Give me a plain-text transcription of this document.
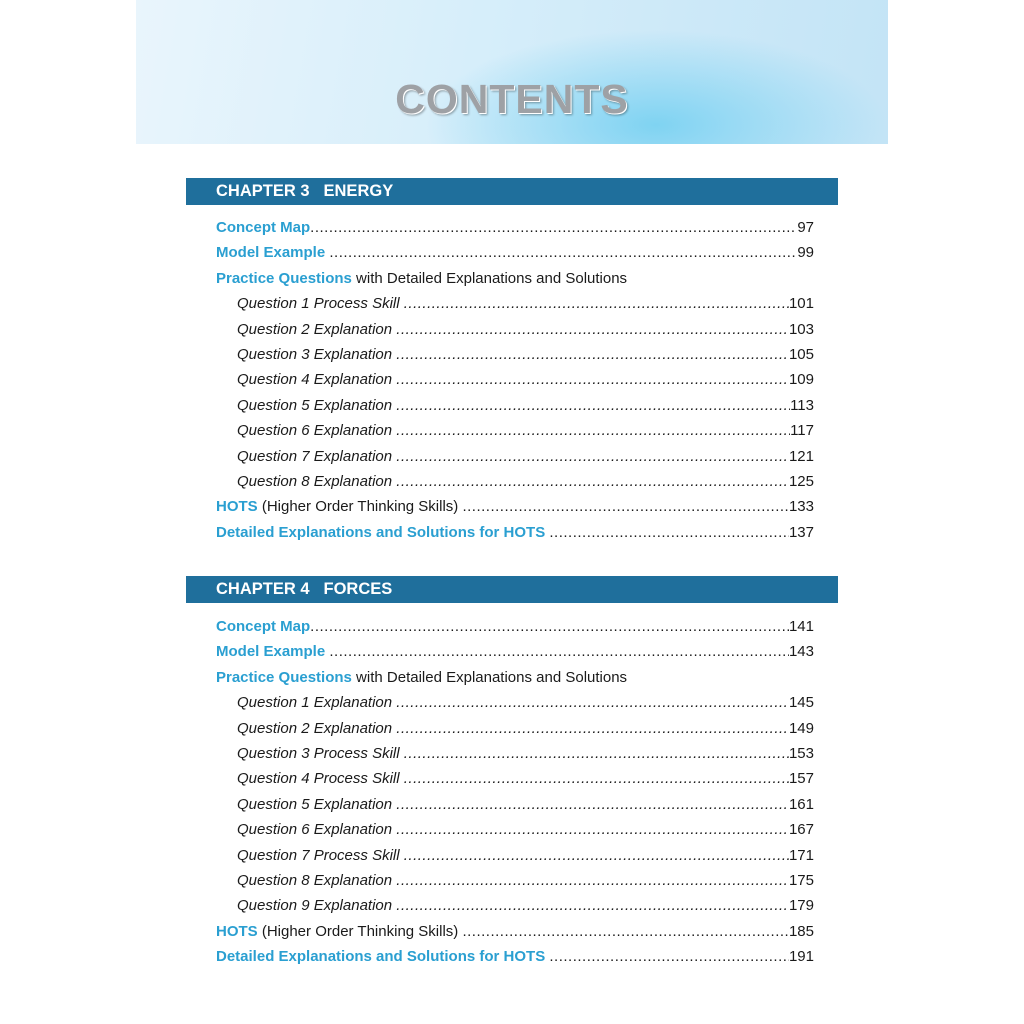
CONTENTS
CHAPTER 3 ENERGY
Concept Map .....	97
Model Example .....	99
Practice Questions with Detailed Explanations and Solutions
Question 1 Process Skill .....	101
Question 2 Explanation .....	103
Question 3 Explanation .....	105
Question 4 Explanation .....	109
Question 5 Explanation .....	113
Question 6 Explanation .....	117
Question 7 Explanation .....	121
Question 8 Explanation .....	125
HOTS (Higher Order Thinking Skills) .....	133
Detailed Explanations and Solutions for HOTS .....	137
CHAPTER 4 FORCES
Concept Map .....	141
Model Example .....	143
Practice Questions with Detailed Explanations and Solutions
Question 1 Explanation .....	145
Question 2 Explanation .....	149
Question 3 Process Skill .....	153
Question 4 Process Skill .....	157
Question 5 Explanation .....	161
Question 6 Explanation .....	167
Question 7 Process Skill .....	171
Question 8 Explanation .....	175
Question 9 Explanation .....	179
HOTS (Higher Order Thinking Skills) .....	185
Detailed Explanations and Solutions for HOTS .....	191
